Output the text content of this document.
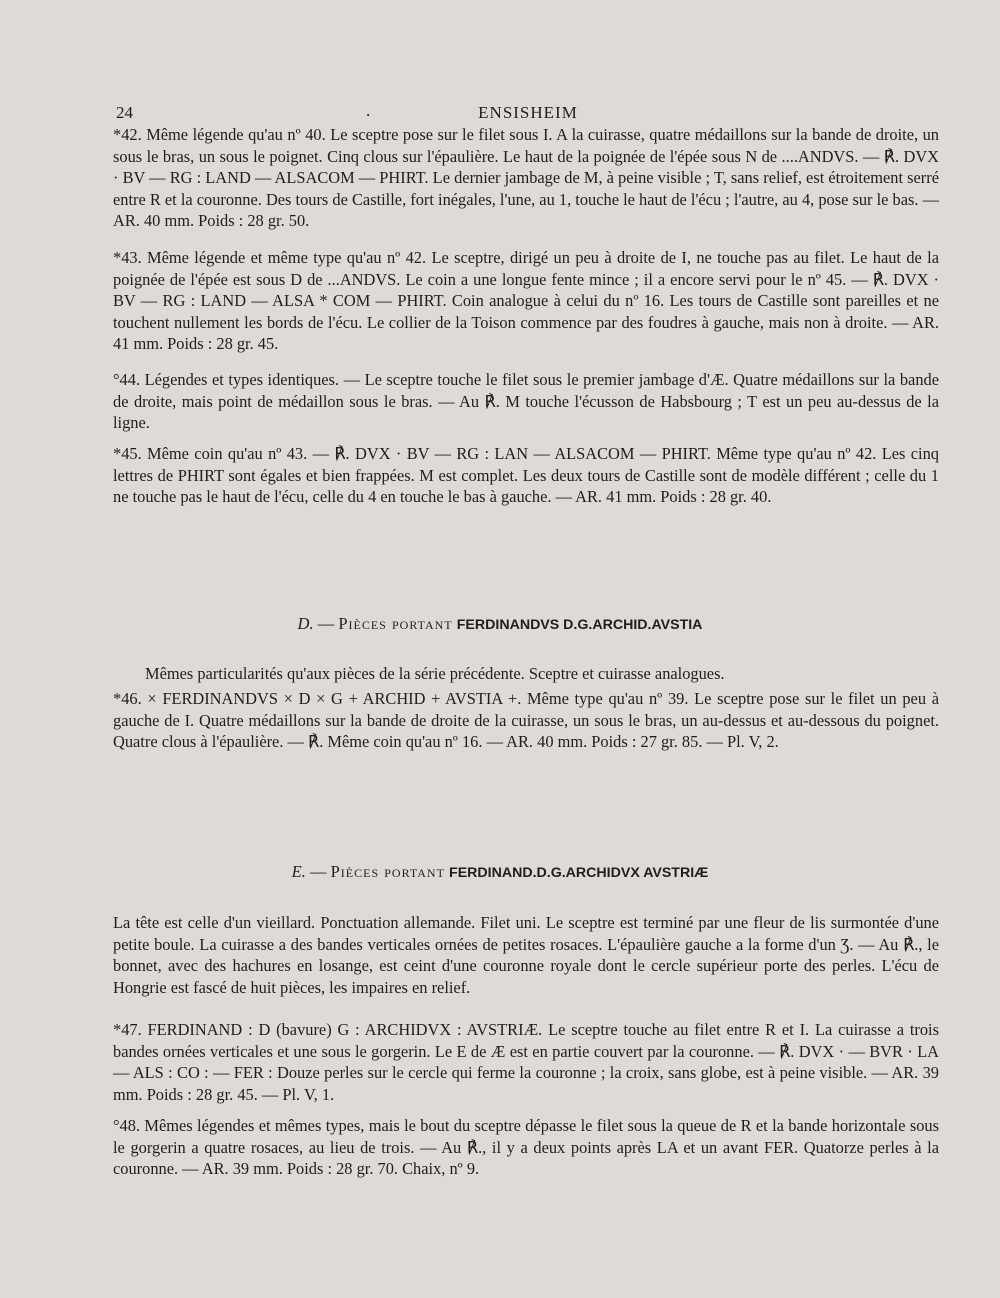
24	.	ENSISHEIM

*42. Même légende qu'au nº 40. Le sceptre pose sur le filet sous I. A la cuirasse, quatre médaillons sur la bande de droite, un sous le bras, un sous le poignet. Cinq clous sur l'épaulière. Le haut de la poignée de l'épée sous N de ....ANDVS. — ℟. DVX · BV — RG : LAND — ALSACOM — PHIRT. Le dernier jambage de M, à peine visible ; T, sans relief, est étroitement serré entre R et la couronne. Des tours de Castille, fort inégales, l'une, au 1, touche le haut de l'écu ; l'autre, au 4, pose sur le bas. — AR. 40 mm. Poids : 28 gr. 50.

*43. Même légende et même type qu'au nº 42. Le sceptre, dirigé un peu à droite de I, ne touche pas au filet. Le haut de la poignée de l'épée est sous D de ...ANDVS. Le coin a une longue fente mince ; il a encore servi pour le nº 45. — ℟. DVX · BV — RG : LAND — ALSA * COM — PHIRT. Coin analogue à celui du nº 16. Les tours de Castille sont pareilles et ne touchent nullement les bords de l'écu. Le collier de la Toison commence par des foudres à gauche, mais non à droite. — AR. 41 mm. Poids : 28 gr. 45.

°44. Légendes et types identiques. — Le sceptre touche le filet sous le premier jambage d'Æ. Quatre médaillons sur la bande de droite, mais point de médaillon sous le bras. — Au ℟. M touche l'écusson de Habsbourg ; T est un peu au-dessus de la ligne.

*45. Même coin qu'au nº 43. — ℟. DVX · BV — RG : LAN — ALSACOM — PHIRT. Même type qu'au nº 42. Les cinq lettres de PHIRT sont égales et bien frappées. M est complet. Les deux tours de Castille sont de modèle différent ; celle du 1 ne touche pas le haut de l'écu, celle du 4 en touche le bas à gauche. — AR. 41 mm. Poids : 28 gr. 40.

D. — Pièces portant FERDINANDVS D.G.ARCHID.AVSTIA

Mêmes particularités qu'aux pièces de la série précédente. Sceptre et cuirasse analogues.

*46. × FERDINANDVS × D × G + ARCHID + AVSTIA +. Même type qu'au nº 39. Le sceptre pose sur le filet un peu à gauche de I. Quatre médaillons sur la bande de droite de la cuirasse, un sous le bras, un au-dessus et au-dessous du poignet. Quatre clous à l'épaulière. — ℟. Même coin qu'au nº 16. — AR. 40 mm. Poids : 27 gr. 85. — Pl. V, 2.

E. — Pièces portant FERDINAND.D.G.ARCHIDVX AVSTRIÆ

La tête est celle d'un vieillard. Ponctuation allemande. Filet uni. Le sceptre est terminé par une fleur de lis surmontée d'une petite boule. La cuirasse a des bandes verticales ornées de petites rosaces. L'épaulière gauche a la forme d'un Ʒ. — Au ℟., le bonnet, avec des hachures en losange, est ceint d'une couronne royale dont le cercle supérieur porte des perles. L'écu de Hongrie est fascé de huit pièces, les impaires en relief.

*47. FERDINAND : D (bavure) G : ARCHIDVX : AVSTRIÆ. Le sceptre touche au filet entre R et I. La cuirasse a trois bandes ornées verticales et une sous le gorgerin. Le E de Æ est en partie couvert par la couronne. — ℟. DVX · — BVR · LA — ALS : CO : — FER : Douze perles sur le cercle qui ferme la couronne ; la croix, sans globe, est à peine visible. — AR. 39 mm. Poids : 28 gr. 45. — Pl. V, 1.

°48. Mêmes légendes et mêmes types, mais le bout du sceptre dépasse le filet sous la queue de R et la bande horizontale sous le gorgerin a quatre rosaces, au lieu de trois. — Au ℟., il y a deux points après LA et un avant FER. Quatorze perles à la couronne. — AR. 39 mm. Poids : 28 gr. 70. Chaix, nº 9.
